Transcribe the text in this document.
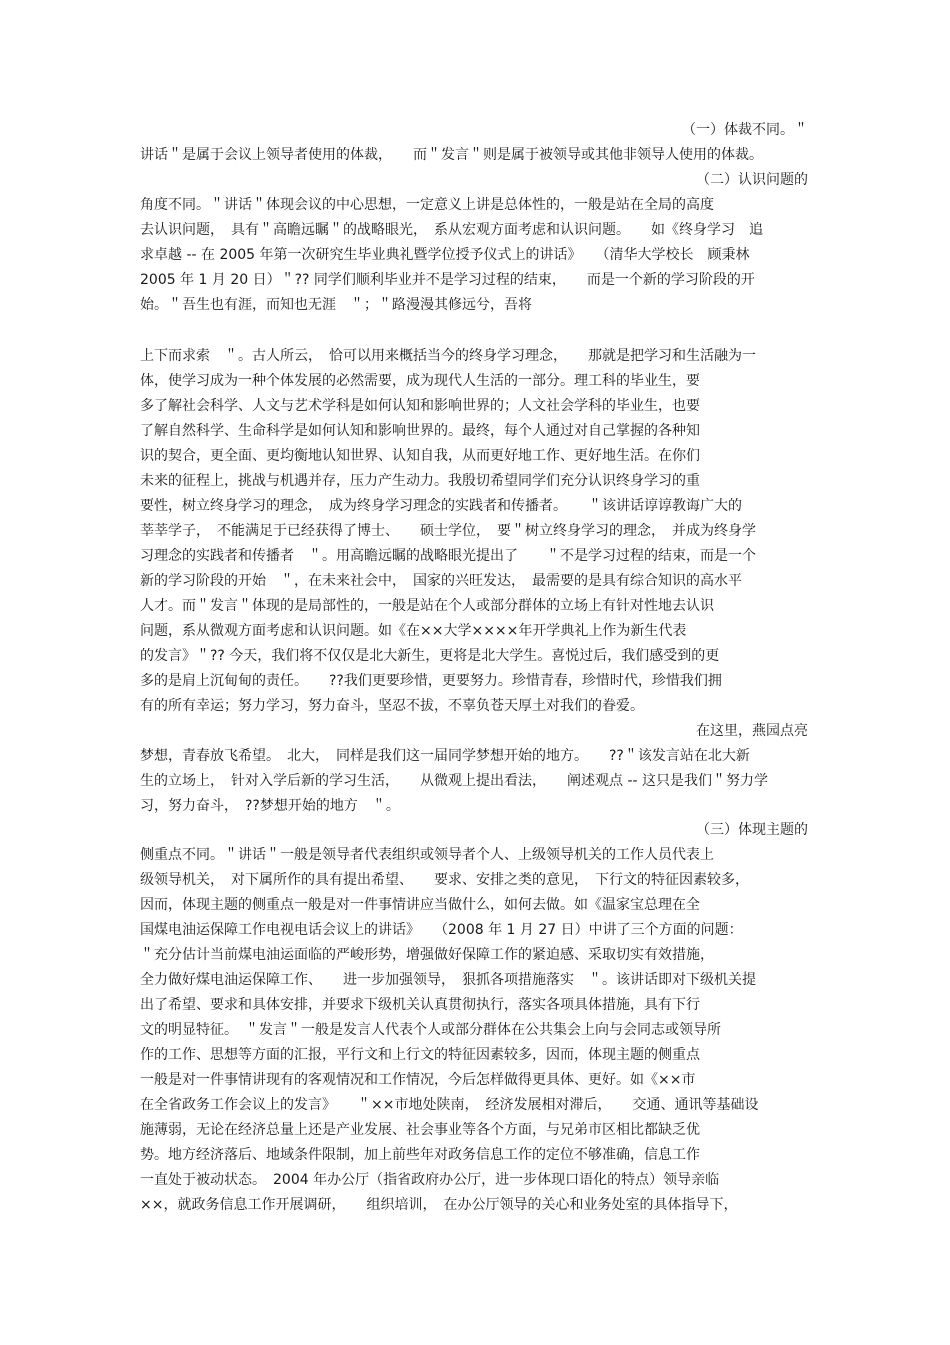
（一）体裁不同。＂
讲话＂是属于会议上领导者使用的体裁，　　而＂发言＂则是属于被领导或其他非领导人使用的体裁。
（二）认识问题的
角度不同。＂讲话＂体现会议的中心思想，一定意义上讲是总体性的，一般是站在全局的高度
去认识问题，　具有＂高瞻远瞩＂的战略眼光，　系从宏观方面考虑和认识问题。　　如《终身学习　追
求卓越 -- 在 2005 年第一次研究生毕业典礼暨学位授予仪式上的讲话》　　（清华大学校长　顾秉林
2005 年 1 月 20 日）＂?? 同学们顺利毕业并不是学习过程的结束，　　而是一个新的学习阶段的开
始。＂吾生也有涯，而知也无涯　＂；＂路漫漫其修远兮，吾将
上下而求索　＂。古人所云，　恰可以用来概括当今的终身学习理念，　　那就是把学习和生活融为一
体，使学习成为一种个体发展的必然需要，成为现代人生活的一部分。理工科的毕业生，要
多了解社会科学、人文与艺术学科是如何认知和影响世界的；人文社会学科的毕业生，也要
了解自然科学、生命科学是如何认知和影响世界的。最终，每个人通过对自己掌握的各种知
识的契合，更全面、更均衡地认知世界、认知自我，从而更好地工作、更好地生活。在你们
未来的征程上，挑战与机遇并存，压力产生动力。我殷切希望同学们充分认识终身学习的重
要性，树立终身学习的理念，　成为终身学习理念的实践者和传播者。　　＂该讲话谆谆教诲广大的
莘莘学子，　不能满足于已经获得了博士、　　硕士学位，　要＂树立终身学习的理念，　并成为终身学
习理念的实践者和传播者　＂。用高瞻远瞩的战略眼光提出了　　＂不是学习过程的结束，而是一个
新的学习阶段的开始　＂，在未来社会中，　国家的兴旺发达，　最需要的是具有综合知识的高水平
人才。而＂发言＂体现的是局部性的，一般是站在个人或部分群体的立场上有针对性地去认识
问题，系从微观方面考虑和认识问题。如《在××大学××××年开学典礼上作为新生代表
的发言》＂?? 今天，我们将不仅仅是北大新生，更将是北大学生。喜悦过后，我们感受到的更
多的是肩上沉甸甸的责任。　　??我们更要珍惜，更要努力。珍惜青春，珍惜时代，珍惜我们拥
有的所有幸运；努力学习，努力奋斗，坚忍不拔，不辜负苍天厚土对我们的眷爱。
在这里，燕园点亮
梦想，青春放飞希望。　北大，　同样是我们这一届同学梦想开始的地方。　　??＂该发言站在北大新
生的立场上，　针对入学后新的学习生活，　　从微观上提出看法，　　阐述观点 -- 这只是我们＂努力学
习，努力奋斗，　??梦想开始的地方　＂。
（三）体现主题的
侧重点不同。＂讲话＂一般是领导者代表组织或领导者个人、上级领导机关的工作人员代表上
级领导机关，　对下属所作的具有提出希望、　　要求、安排之类的意见，　下行文的特征因素较多，
因而，体现主题的侧重点一般是对一件事情讲应当做什么，如何去做。如《温家宝总理在全
国煤电油运保障工作电视电话会议上的讲话》　　（2008 年 1 月 27 日）中讲了三个方面的问题：
＂充分估计当前煤电油运面临的严峻形势，增强做好保障工作的紧迫感、采取切实有效措施，
全力做好煤电油运保障工作、　　进一步加强领导，　狠抓各项措施落实　＂。该讲话即对下级机关提
出了希望、要求和具体安排，并要求下级机关认真贯彻执行，落实各项具体措施，具有下行
文的明显特征。　＂发言＂一般是发言人代表个人或部分群体在公共集会上向与会同志或领导所
作的工作、思想等方面的汇报，平行文和上行文的特征因素较多，因而，体现主题的侧重点
一般是对一件事情讲现有的客观情况和工作情况，今后怎样做得更具体、更好。如《××市
在全省政务工作会议上的发言》　　＂××市地处陕南，　经济发展相对滞后，　　交通、通讯等基础设
施薄弱，无论在经济总量上还是产业发展、社会事业等各个方面，与兄弟市区相比都缺乏优
势。地方经济落后、地域条件限制，加上前些年对政务信息工作的定位不够准确，信息工作
一直处于被动状态。　2004 年办公厅（指省政府办公厅，进一步体现口语化的特点）领导亲临
××，就政务信息工作开展调研，　　组织培训，　在办公厅领导的关心和业务处室的具体指导下，
